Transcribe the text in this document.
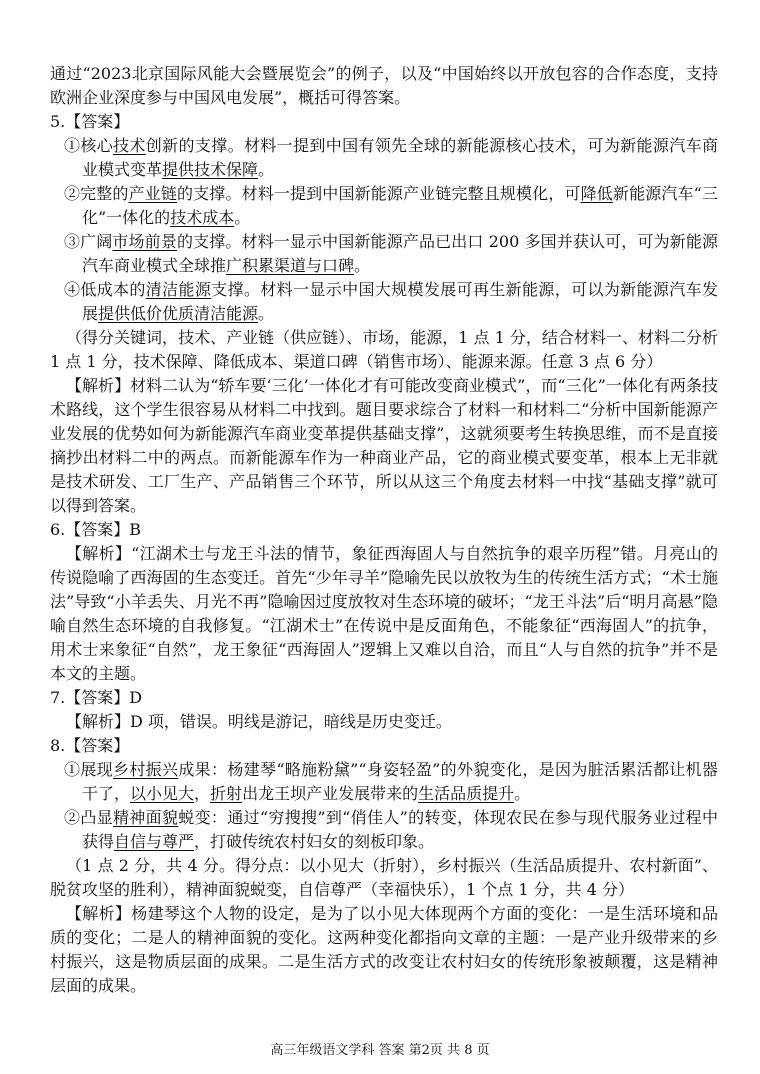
通过“2023北京国际风能大会暨展览会”的例子，以及“中国始终以开放包容的合作态度，支持欧洲企业深度参与中国风电发展”，概括可得答案。

5.【答案】

①核心技术创新的支撑。材料一提到中国有领先全球的新能源核心技术，可为新能源汽车商业模式变革提供技术保障。

②完整的产业链的支撑。材料一提到中国新能源产业链完整且规模化，可降低新能源汽车“三化”一体化的技术成本。

③广阔市场前景的支撑。材料一显示中国新能源产品已出口 200 多国并获认可，可为新能源汽车商业模式全球推广积累渠道与口碑。

④低成本的清洁能源支撑。材料一显示中国大规模发展可再生新能源，可以为新能源汽车发展提供低价优质清洁能源。

（得分关键词，技术、产业链（供应链）、市场，能源，1 点 1 分，结合材料一、材料二分析 1 点 1 分，技术保障、降低成本、渠道口碑（销售市场）、能源来源。任意 3 点 6 分）

【解析】材料二认为“轿车要‘三化’一体化才有可能改变商业模式”，而“三化”一体化有两条技术路线，这个学生很容易从材料二中找到。题目要求综合了材料一和材料二“分析中国新能源产业发展的优势如何为新能源汽车商业变革提供基础支撑”，这就须要考生转换思维，而不是直接摘抄出材料二中的两点。而新能源车作为一种商业产品，它的商业模式要变革，根本上无非就是技术研发、工厂生产、产品销售三个环节，所以从这三个角度去材料一中找“基础支撑”就可以得到答案。

6.【答案】B

【解析】“江湖术士与龙王斗法的情节，象征西海固人与自然抗争的艰辛历程”错。月亮山的传说隐喻了西海固的生态变迁。首先“少年寻羊”隐喻先民以放牧为生的传统生活方式；“术士施法”导致“小羊丢失、月光不再”隐喻因过度放牧对生态环境的破坏；“龙王斗法”后“明月高悬”隐喻自然生态环境的自我修复。“江湖术士”在传说中是反面角色，不能象征“西海固人”的抗争，用术士来象征“自然”，龙王象征“西海固人”逻辑上又难以自洽，而且“人与自然的抗争”并不是本文的主题。

7.【答案】D

【解析】D 项，错误。明线是游记，暗线是历史变迁。

8.【答案】

①展现乡村振兴成果：杨建琴“略施粉黛”“身姿轻盈”的外貌变化，是因为脏活累活都让机器干了，以小见大，折射出龙王坝产业发展带来的生活品质提升。

②凸显精神面貌蜕变：通过“穷搜搜”到“俏佳人”的转变，体现农民在参与现代服务业过程中获得自信与尊严，打破传统农村妇女的刻板印象。

（1 点 2 分，共 4 分。得分点：以小见大（折射），乡村振兴（生活品质提升、农村新面”、脱贫攻坚的胜利），精神面貌蜕变，自信尊严（幸福快乐），1 个点 1 分，共 4 分）

【解析】杨建琴这个人物的设定，是为了以小见大体现两个方面的变化：一是生活环境和品质的变化；二是人的精神面貌的变化。这两种变化都指向文章的主题：一是产业升级带来的乡村振兴，这是物质层面的成果。二是生活方式的改变让农村妇女的传统形象被颠覆，这是精神层面的成果。

高三年级语文学科 答案 第2页 共 8 页
